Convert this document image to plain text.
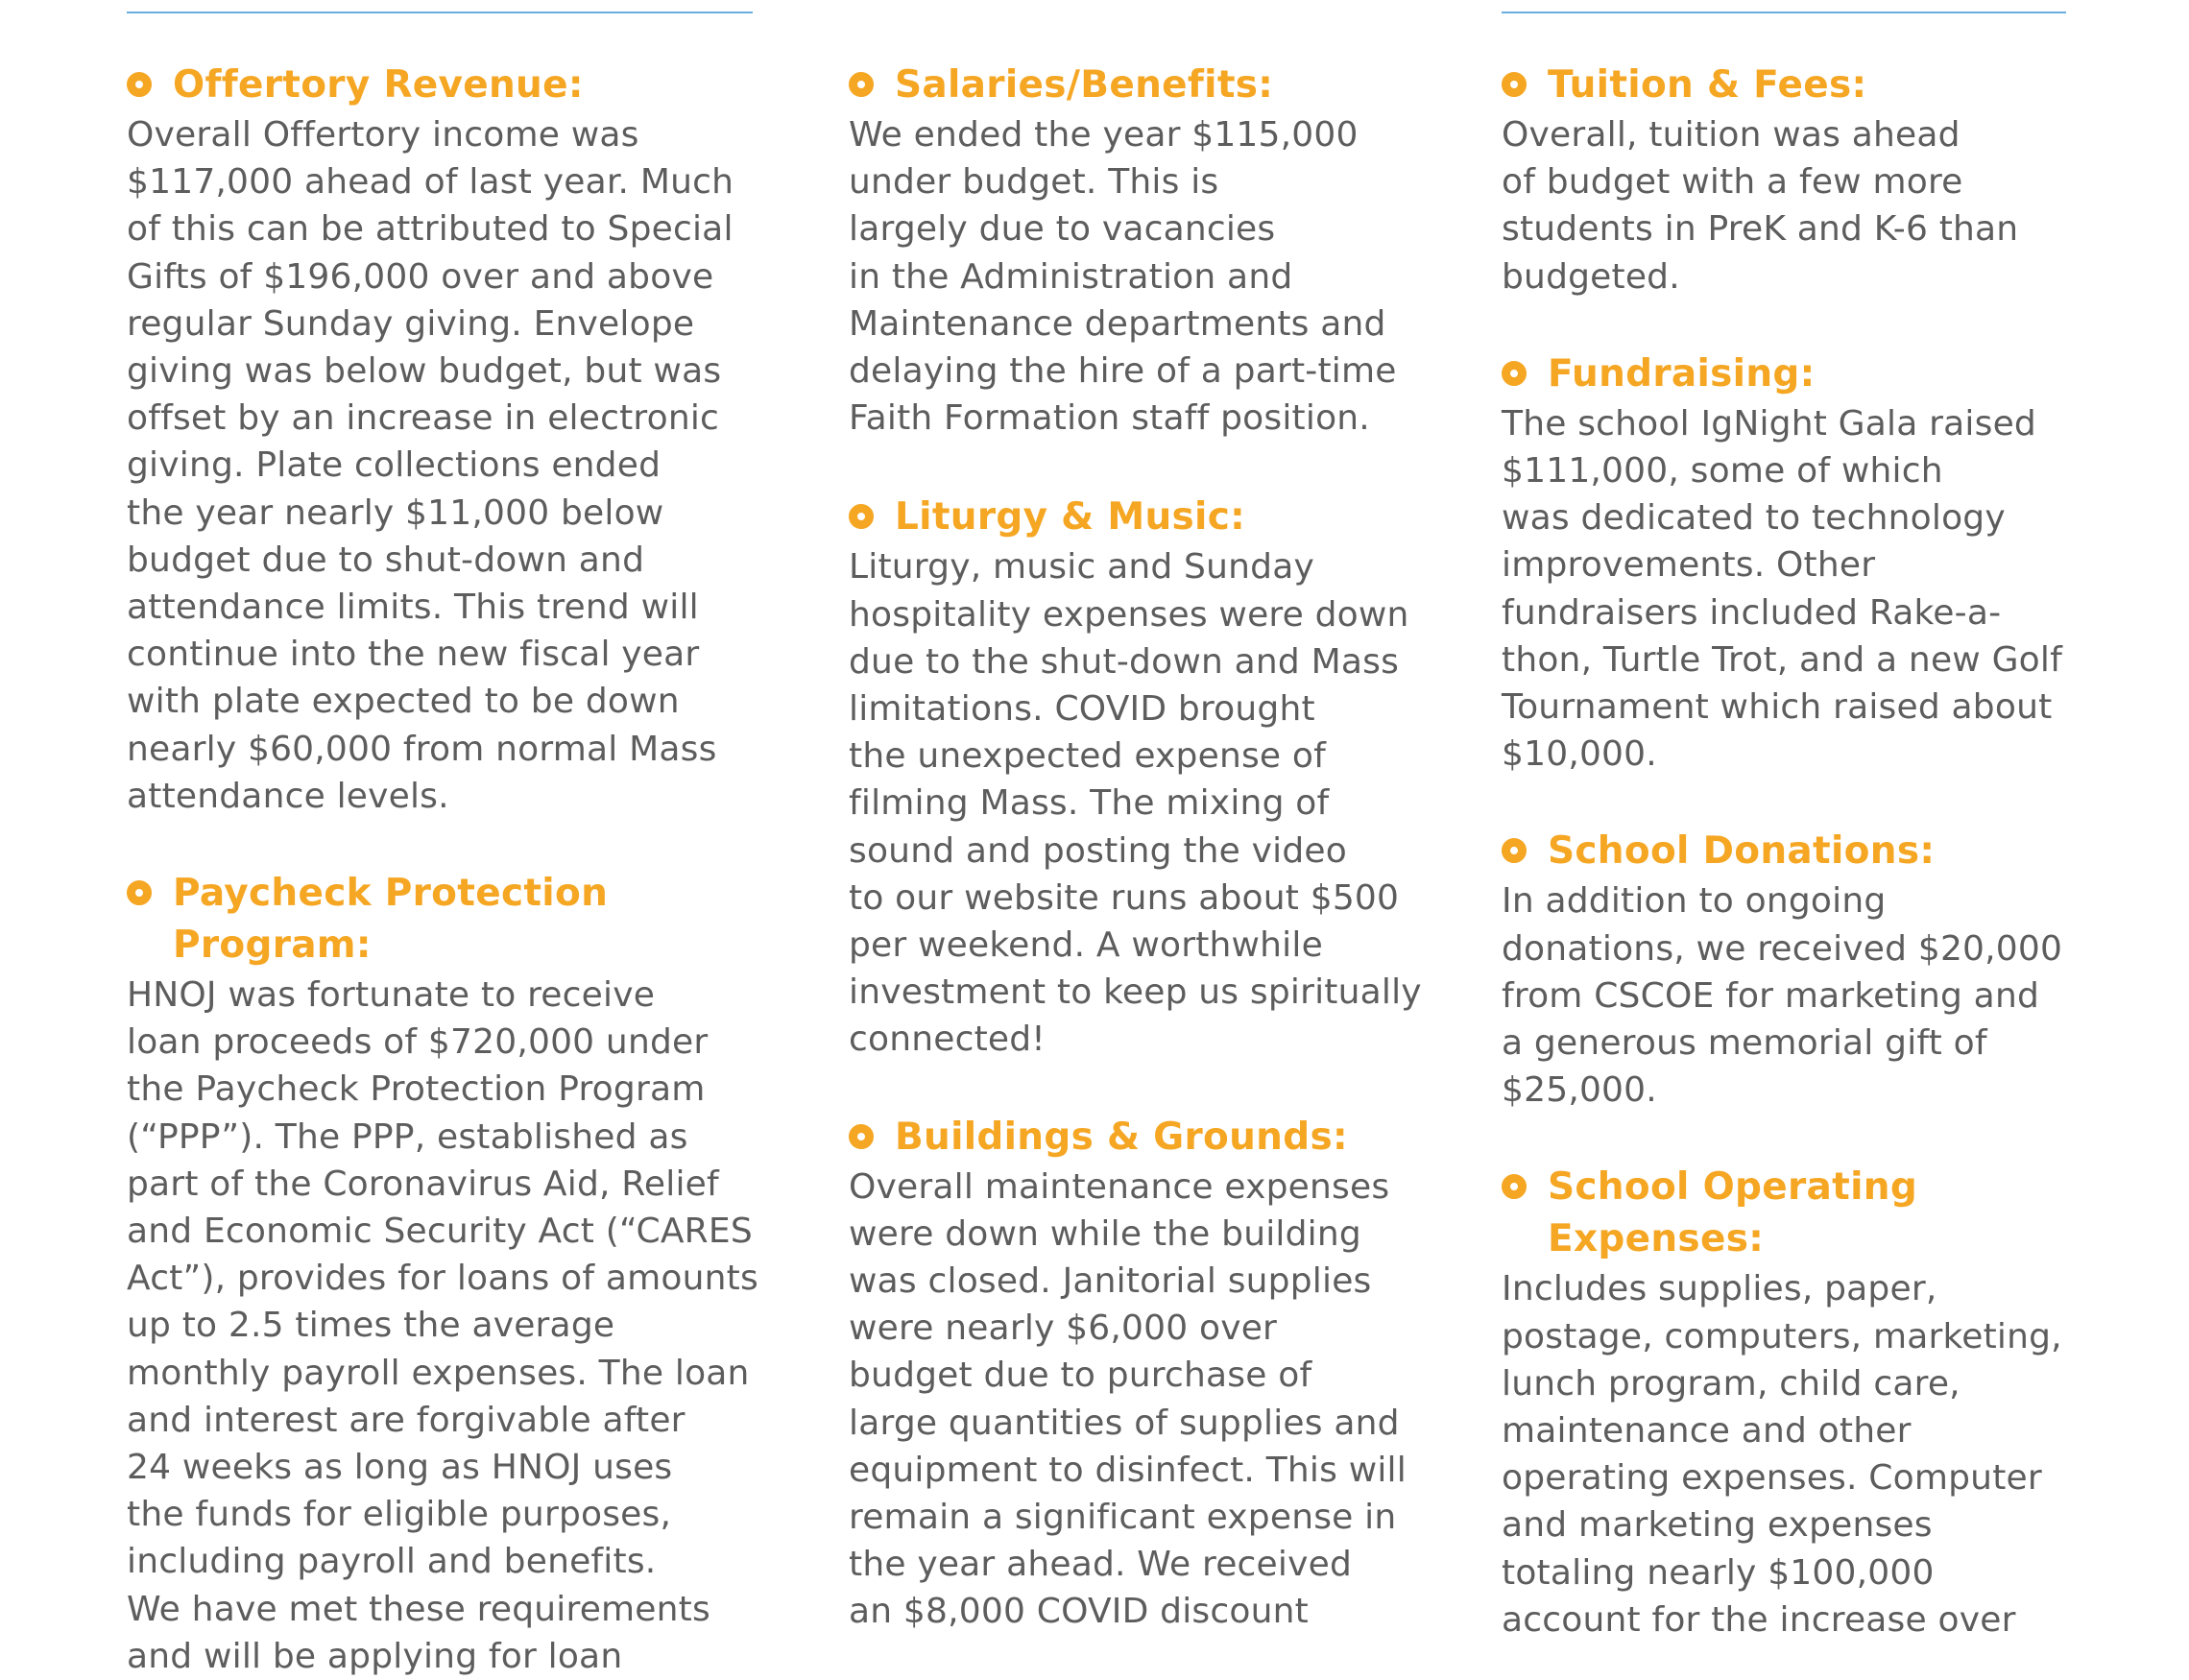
Offertory Revenue:
Overall Offertory income was
$117,000 ahead of last year. Much
of this can be attributed to Special
Gifts of $196,000 over and above
regular Sunday giving. Envelope
giving was below budget, but was
offset by an increase in electronic
giving. Plate collections ended
the year nearly $11,000 below
budget due to shut-down and
attendance limits. This trend will
continue into the new fiscal year
with plate expected to be down
nearly $60,000 from normal Mass
attendance levels.
Paycheck Protection Program:
HNOJ was fortunate to receive
loan proceeds of $720,000 under
the Paycheck Protection Program
(“PPP”). The PPP, established as
part of the Coronavirus Aid, Relief
and Economic Security Act (“CARES
Act”), provides for loans of amounts
up to 2.5 times the average
monthly payroll expenses. The loan
and interest are forgivable after
24 weeks as long as HNOJ uses
the funds for eligible purposes,
including payroll and benefits.
We have met these requirements
and will be applying for loan
Salaries/Benefits:
We ended the year $115,000
under budget. This is
largely due to vacancies
in the Administration and
Maintenance departments and
delaying the hire of a part-time
Faith Formation staff position.
Liturgy & Music:
Liturgy, music and Sunday
hospitality expenses were down
due to the shut-down and Mass
limitations. COVID brought
the unexpected expense of
filming Mass. The mixing of
sound and posting the video
to our website runs about $500
per weekend. A worthwhile
investment to keep us spiritually
connected!
Buildings & Grounds:
Overall maintenance expenses
were down while the building
was closed. Janitorial supplies
were nearly $6,000 over
budget due to purchase of
large quantities of supplies and
equipment to disinfect. This will
remain a significant expense in
the year ahead. We received
an $8,000 COVID discount
Tuition & Fees:
Overall, tuition was ahead
of budget with a few more
students in PreK and K-6 than
budgeted.
Fundraising:
The school IgNight Gala raised
$111,000, some of which
was dedicated to technology
improvements. Other
fundraisers included Rake-a-
thon, Turtle Trot, and a new Golf
Tournament which raised about
$10,000.
School Donations:
In addition to ongoing
donations, we received $20,000
from CSCOE for marketing and
a generous memorial gift of
$25,000.
School Operating Expenses:
Includes supplies, paper,
postage, computers, marketing,
lunch program, child care,
maintenance and other
operating expenses. Computer
and marketing expenses
totaling nearly $100,000
account for the increase over
